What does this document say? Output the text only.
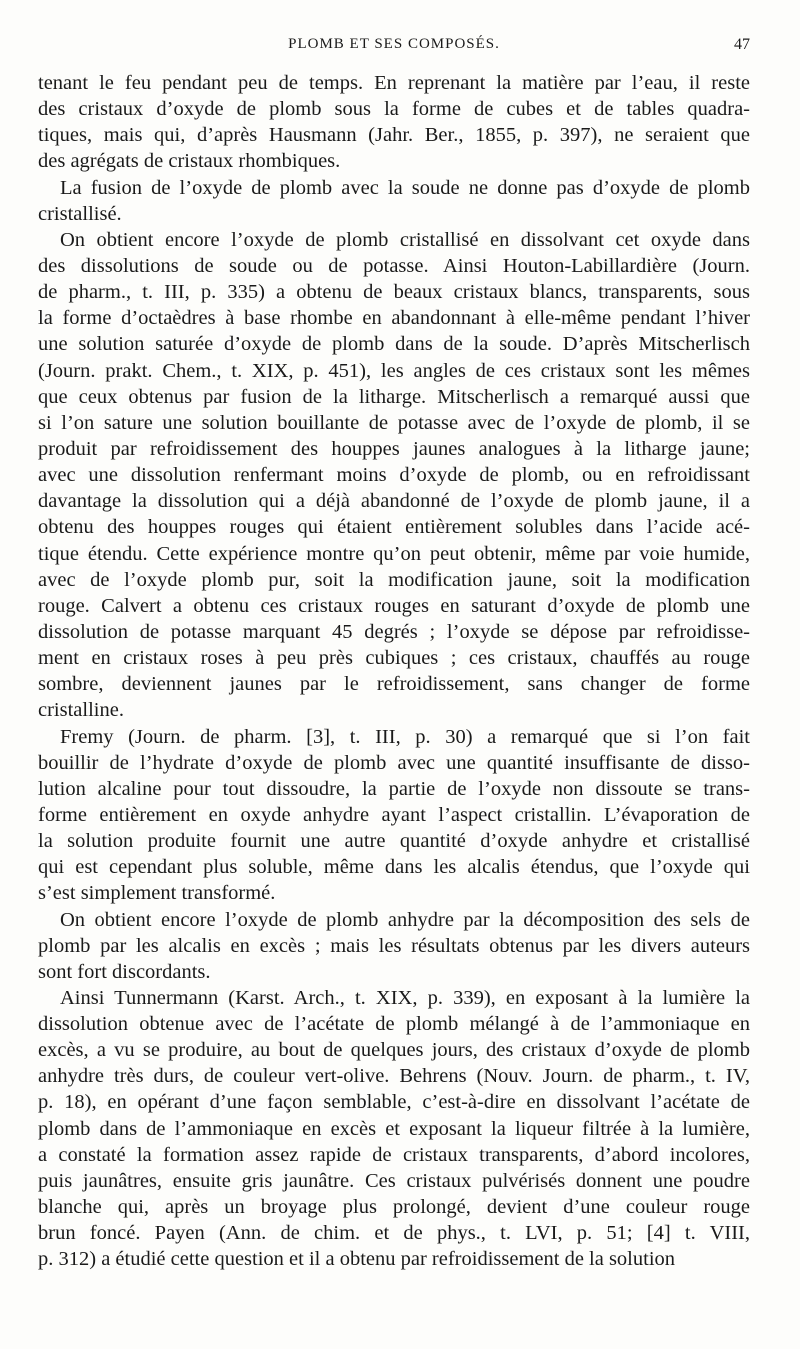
PLOMB ET SES COMPOSÉS.	47
tenant le feu pendant peu de temps. En reprenant la matière par l’eau, il reste
des cristaux d’oxyde de plomb sous la forme de cubes et de tables quadra-
tiques, mais qui, d’après Hausmann (Jahr. Ber., 1855, p. 397), ne seraient que
des agrégats de cristaux rhombiques.
La fusion de l’oxyde de plomb avec la soude ne donne pas d’oxyde de plomb
cristallisé.
On obtient encore l’oxyde de plomb cristallisé en dissolvant cet oxyde dans
des dissolutions de soude ou de potasse. Ainsi Houton-Labillardière (Journ.
de pharm., t. III, p. 335) a obtenu de beaux cristaux blancs, transparents, sous
la forme d’octaèdres à base rhombe en abandonnant à elle-même pendant l’hiver
une solution saturée d’oxyde de plomb dans de la soude. D’après Mitscherlisch
(Journ. prakt. Chem., t. XIX, p. 451), les angles de ces cristaux sont les mêmes
que ceux obtenus par fusion de la litharge. Mitscherlisch a remarqué aussi que
si l’on sature une solution bouillante de potasse avec de l’oxyde de plomb, il se
produit par refroidissement des houppes jaunes analogues à la litharge jaune;
avec une dissolution renfermant moins d’oxyde de plomb, ou en refroidissant
davantage la dissolution qui a déjà abandonné de l’oxyde de plomb jaune, il a
obtenu des houppes rouges qui étaient entièrement solubles dans l’acide acé-
tique étendu. Cette expérience montre qu’on peut obtenir, même par voie humide,
avec de l’oxyde plomb pur, soit la modification jaune, soit la modification
rouge. Calvert a obtenu ces cristaux rouges en saturant d’oxyde de plomb une
dissolution de potasse marquant 45 degrés ; l’oxyde se dépose par refroidisse-
ment en cristaux roses à peu près cubiques ; ces cristaux, chauffés au rouge
sombre, deviennent jaunes par le refroidissement, sans changer de forme
cristalline.
Fremy (Journ. de pharm. [3], t. III, p. 30) a remarqué que si l’on fait
bouillir de l’hydrate d’oxyde de plomb avec une quantité insuffisante de disso-
lution alcaline pour tout dissoudre, la partie de l’oxyde non dissoute se trans-
forme entièrement en oxyde anhydre ayant l’aspect cristallin. L’évaporation de
la solution produite fournit une autre quantité d’oxyde anhydre et cristallisé
qui est cependant plus soluble, même dans les alcalis étendus, que l’oxyde qui
s’est simplement transformé.
On obtient encore l’oxyde de plomb anhydre par la décomposition des sels de
plomb par les alcalis en excès ; mais les résultats obtenus par les divers auteurs
sont fort discordants.
Ainsi Tunnermann (Karst. Arch., t. XIX, p. 339), en exposant à la lumière la
dissolution obtenue avec de l’acétate de plomb mélangé à de l’ammoniaque en
excès, a vu se produire, au bout de quelques jours, des cristaux d’oxyde de plomb
anhydre très durs, de couleur vert-olive. Behrens (Nouv. Journ. de pharm., t. IV,
p. 18), en opérant d’une façon semblable, c’est-à-dire en dissolvant l’acétate de
plomb dans de l’ammoniaque en excès et exposant la liqueur filtrée à la lumière,
a constaté la formation assez rapide de cristaux transparents, d’abord incolores,
puis jaunâtres, ensuite gris jaunâtre. Ces cristaux pulvérisés donnent une poudre
blanche qui, après un broyage plus prolongé, devient d’une couleur rouge
brun foncé. Payen (Ann. de chim. et de phys., t. LVI, p. 51; [4] t. VIII,
p. 312) a étudié cette question et il a obtenu par refroidissement de la solution
